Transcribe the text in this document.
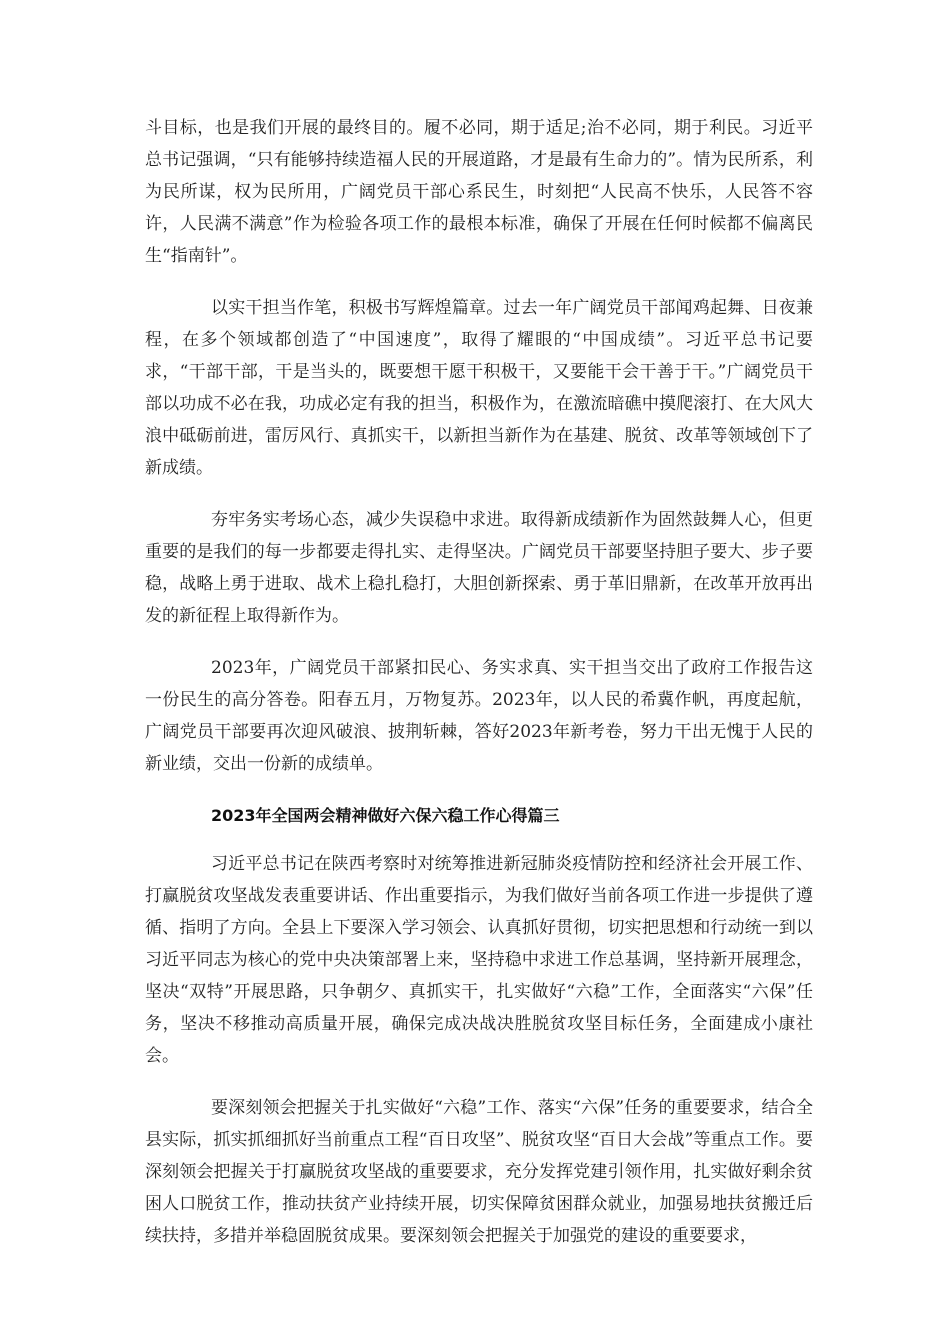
斗目标，也是我们开展的最终目的。履不必同，期于适足;治不必同，期于利民。习近平总书记强调，“只有能够持续造福人民的开展道路，才是最有生命力的”。情为民所系，利为民所谋，权为民所用，广阔党员干部心系民生，时刻把“人民高不快乐，人民答不容许，人民满不满意”作为检验各项工作的最根本标准，确保了开展在任何时候都不偏离民生“指南针”。

以实干担当作笔，积极书写辉煌篇章。过去一年广阔党员干部闻鸡起舞、日夜兼程，在多个领域都创造了“中国速度”，取得了耀眼的“中国成绩”。习近平总书记要求，“干部干部，干是当头的，既要想干愿干积极干，又要能干会干善于干。”广阔党员干部以功成不必在我，功成必定有我的担当，积极作为，在激流暗礁中摸爬滚打、在大风大浪中砥砺前进，雷厉风行、真抓实干，以新担当新作为在基建、脱贫、改革等领域创下了新成绩。

夯牢务实考场心态，减少失误稳中求进。取得新成绩新作为固然鼓舞人心，但更重要的是我们的每一步都要走得扎实、走得坚决。广阔党员干部要坚持胆子要大、步子要稳，战略上勇于进取、战术上稳扎稳打，大胆创新探索、勇于革旧鼎新，在改革开放再出发的新征程上取得新作为。

2023年，广阔党员干部紧扣民心、务实求真、实干担当交出了政府工作报告这一份民生的高分答卷。阳春五月，万物复苏。2023年，以人民的希冀作帆，再度起航，广阔党员干部要再次迎风破浪、披荆斩棘，答好2023年新考卷，努力干出无愧于人民的新业绩，交出一份新的成绩单。

2023年全国两会精神做好六保六稳工作心得篇三

习近平总书记在陕西考察时对统筹推进新冠肺炎疫情防控和经济社会开展工作、打赢脱贫攻坚战发表重要讲话、作出重要指示，为我们做好当前各项工作进一步提供了遵循、指明了方向。全县上下要深入学习领会、认真抓好贯彻，切实把思想和行动统一到以习近平同志为核心的党中央决策部署上来，坚持稳中求进工作总基调，坚持新开展理念，坚决“双特”开展思路，只争朝夕、真抓实干，扎实做好“六稳”工作，全面落实“六保”任务，坚决不移推动高质量开展，确保完成决战决胜脱贫攻坚目标任务，全面建成小康社会。

要深刻领会把握关于扎实做好“六稳”工作、落实“六保”任务的重要要求，结合全县实际，抓实抓细抓好当前重点工程“百日攻坚”、脱贫攻坚“百日大会战”等重点工作。要深刻领会把握关于打赢脱贫攻坚战的重要要求，充分发挥党建引领作用，扎实做好剩余贫困人口脱贫工作，推动扶贫产业持续开展，切实保障贫困群众就业，加强易地扶贫搬迁后续扶持，多措并举稳固脱贫成果。要深刻领会把握关于加强党的建设的重要要求，
